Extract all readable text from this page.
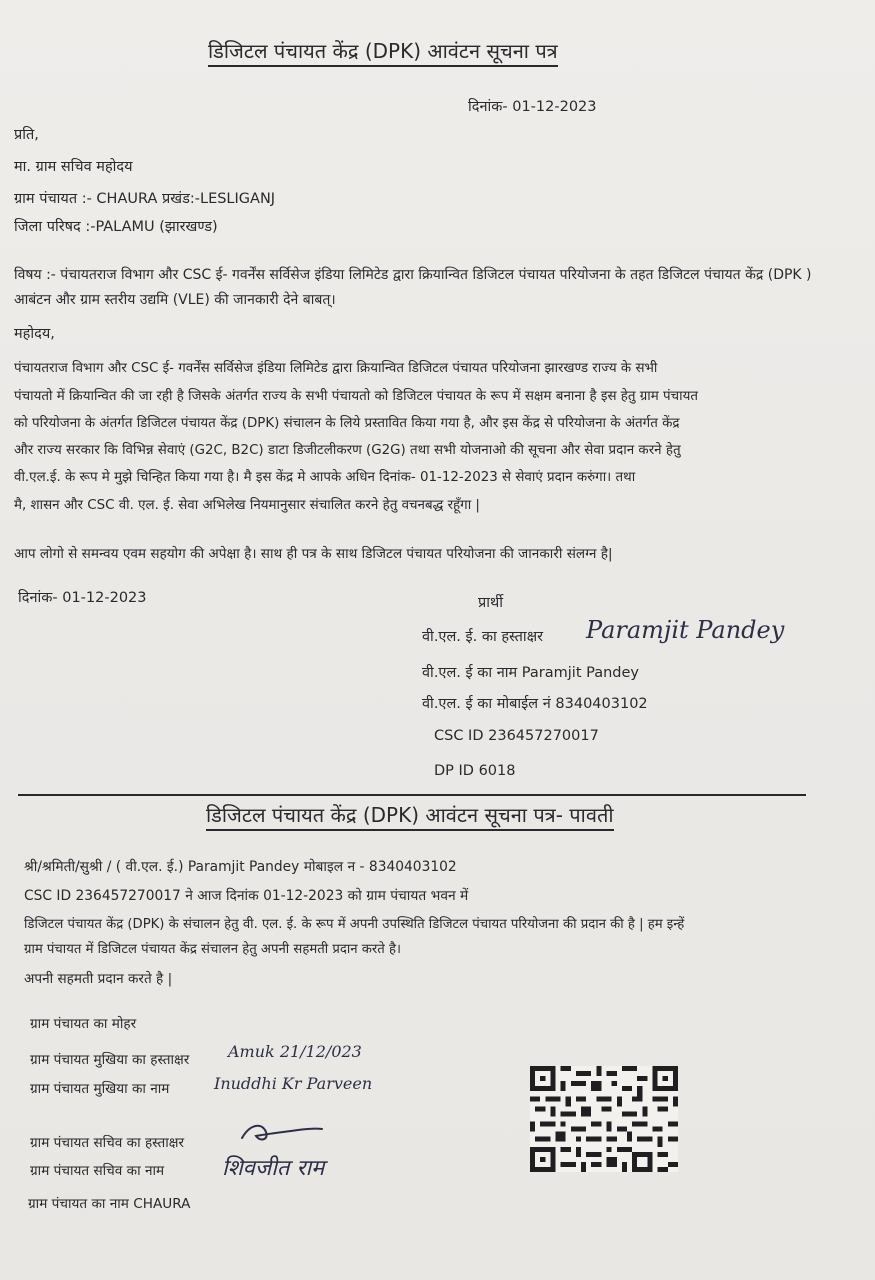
डिजिटल पंचायत केंद्र (DPK) आवंटन सूचना पत्र
दिनांक- 01-12-2023
प्रति,
मा. ग्राम सचिव महोदय
ग्राम पंचायत :- CHAURA प्रखंड:-LESLIGANJ
जिला परिषद :-PALAMU (झारखण्ड)
विषय :- पंचायतराज विभाग और CSC ई- गवर्नेंस सर्विसेज इंडिया लिमिटेड द्वारा क्रियान्वित डिजिटल पंचायत परियोजना के तहत डिजिटल पंचायत केंद्र (DPK ) आबंटन और ग्राम स्तरीय उद्यमि (VLE) की जानकारी देने बाबत्।
महोदय,
पंचायतराज विभाग और CSC ई- गवर्नेंस सर्विसेज इंडिया लिमिटेड द्वारा क्रियान्वित डिजिटल पंचायत परियोजना झारखण्ड राज्य के सभी
पंचायतो में क्रियान्वित की जा रही है जिसके अंतर्गत राज्य के सभी पंचायतो को डिजिटल पंचायत के रूप में सक्षम बनाना है इस हेतु ग्राम पंचायत
को परियोजना के अंतर्गत डिजिटल पंचायत केंद्र (DPK) संचालन के लिये प्रस्तावित किया गया है, और इस केंद्र से परियोजना के अंतर्गत केंद्र
और राज्य सरकार कि विभिन्न सेवाएं (G2C, B2C) डाटा डिजीटलीकरण (G2G) तथा सभी योजनाओ की सूचना और सेवा प्रदान करने हेतु
वी.एल.ई. के रूप मे मुझे चिन्हित किया गया है। मै इस केंद्र मे आपके अधिन दिनांक- 01-12-2023 से सेवाएं प्रदान करुंगा। तथा
मै, शासन और CSC वी. एल. ई. सेवा अभिलेख नियमानुसार संचालित करने हेतु वचनबद्ध रहूँगा |
आप लोगो से समन्वय एवम सहयोग की अपेक्षा है। साथ ही पत्र के साथ डिजिटल पंचायत परियोजना की जानकारी संलग्न है|
दिनांक- 01-12-2023	प्रार्थी
वी.एल. ई. का हस्ताक्षर Paramjit Pandey
वी.एल. ई का नाम Paramjit Pandey
वी.एल. ई का मोबाईल नं 8340403102
CSC ID 236457270017
DP ID 6018
डिजिटल पंचायत केंद्र (DPK) आवंटन सूचना पत्र- पावती
श्री/श्रमिती/सुश्री / ( वी.एल. ई.) Paramjit Pandey मोबाइल न - 8340403102
CSC ID 236457270017 ने आज दिनांक 01-12-2023 को ग्राम पंचायत भवन में
डिजिटल पंचायत केंद्र (DPK) के संचालन हेतु वी. एल. ई. के रूप में अपनी उपस्थिति डिजिटल पंचायत परियोजना की प्रदान की है | हम इन्हें
ग्राम पंचायत में डिजिटल पंचायत केंद्र संचालन हेतु अपनी सहमती प्रदान करते है।
अपनी सहमती प्रदान करते है |
ग्राम पंचायत का मोहर
ग्राम पंचायत मुखिया का हस्ताक्षर
ग्राम पंचायत मुखिया का नाम
Amuk 21/12/023
Inuddhi Kr Parveen
ग्राम पंचायत सचिव का हस्ताक्षर
ग्राम पंचायत सचिव का नाम	शिवजीत राम
ग्राम पंचायत का नाम CHAURA
